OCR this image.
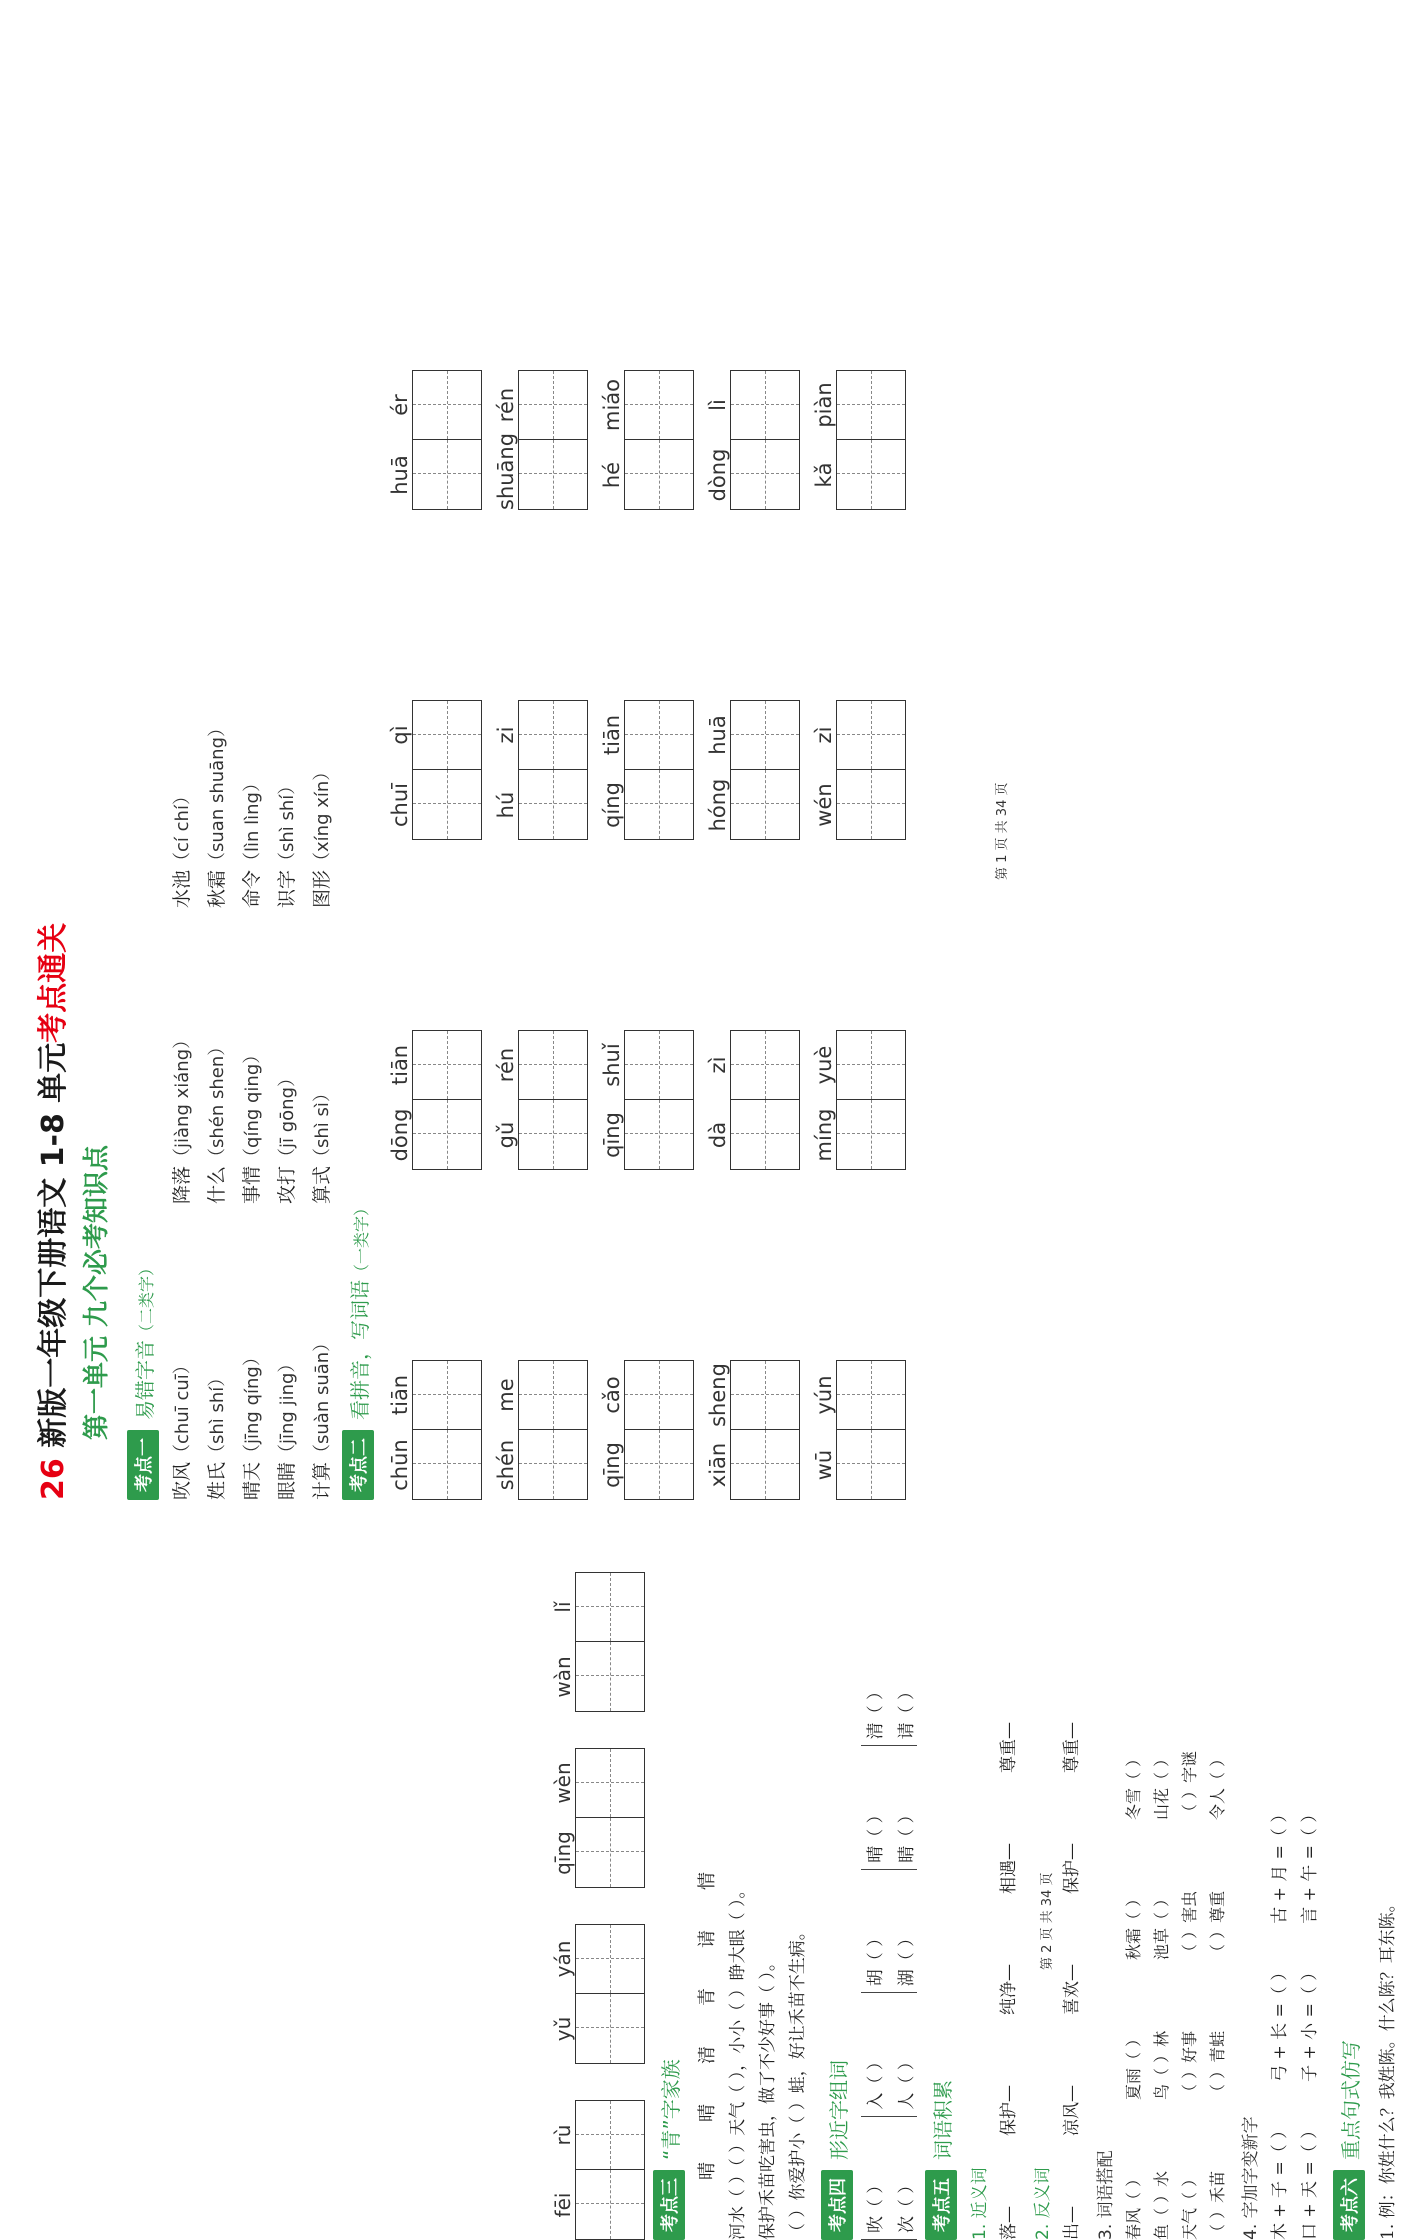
26 新版一年级下册语文 1-8 单元考点通关
第一单元 九个必考知识点
考点一
易错字音（二类字）
吹风（chuī cuī）
降落（jiàng xiáng）
水池（cí chí）
姓氏（shì shí）
什么（shén shen）
秋霜（suan shuāng）
晴天（jīng qíng）
事情（qíng qing）
命令（lìn lìng）
眼睛（jīng jing）
攻打（jī gōng）
识字（shì shí）
计算（suàn suān）
算式（shì sì）
图形（xíng xín）
考点二
看拼音，写词语（一类字）
chūn
tiān
dōng
tiān
chuī
qì
huā
ér
shén
me
gǔ
rén
hú
zi
shuāng
rén
qīng
cǎo
qīng
shuǐ
qíng
tiān
hé
miáo
xiān
sheng
dà
zì
hóng
huā
dòng
lì
wū
yún
míng
yuè
wén
zì
kǎ
piàn
第 1 页 共 34 页
fēi
rù
yǔ
yán
qīng
wèn
wàn
lǐ
考点三
“青”字家族
晴
晴
清
青
请
情
河水（ ）（ ）天气（ ），小小（ ）睁大眼（ ）。 保护禾苗吃害虫，做了不少好事（ ）。 （ ）你爱护小（ ）蛙，好让禾苗不生病。	考点四
形近字组词
吹（ ） 次（ ）
入（ ） 人（ ）
胡（ ） 湖（ ）
晴（ ） 睛（ ）
清（ ） 请（ ）
考点五
词语积累
1. 近义词 落—
保护—
纯净—
相遇—
尊重—
2. 反义词 出—
凉风—
喜欢—
保护—
尊重—
3. 词语搭配 春风（ ）
夏雨（ ）
秋霜（ ）
冬雪（ ）
鱼（ ）水
鸟（ ）林
池草（ ）
山花（ ）
天气（ ）
（ ）好事
（ ）害虫
（ ）字谜
（ ）禾苗
（ ）青蛙
（ ）尊重
令人（ ）
4. 字加字变新字 木 + 子 =（ ）
弓 + 长 =（ ）
古 + 月 =（ ）
口 + 天 =（ ）
子 + 小 =（ ）
言 + 午 =（ ）
考点六
重点句式仿写 1. 例：你姓什么？我姓陈。什么陈？耳东陈。
第 2 页 共 34 页
